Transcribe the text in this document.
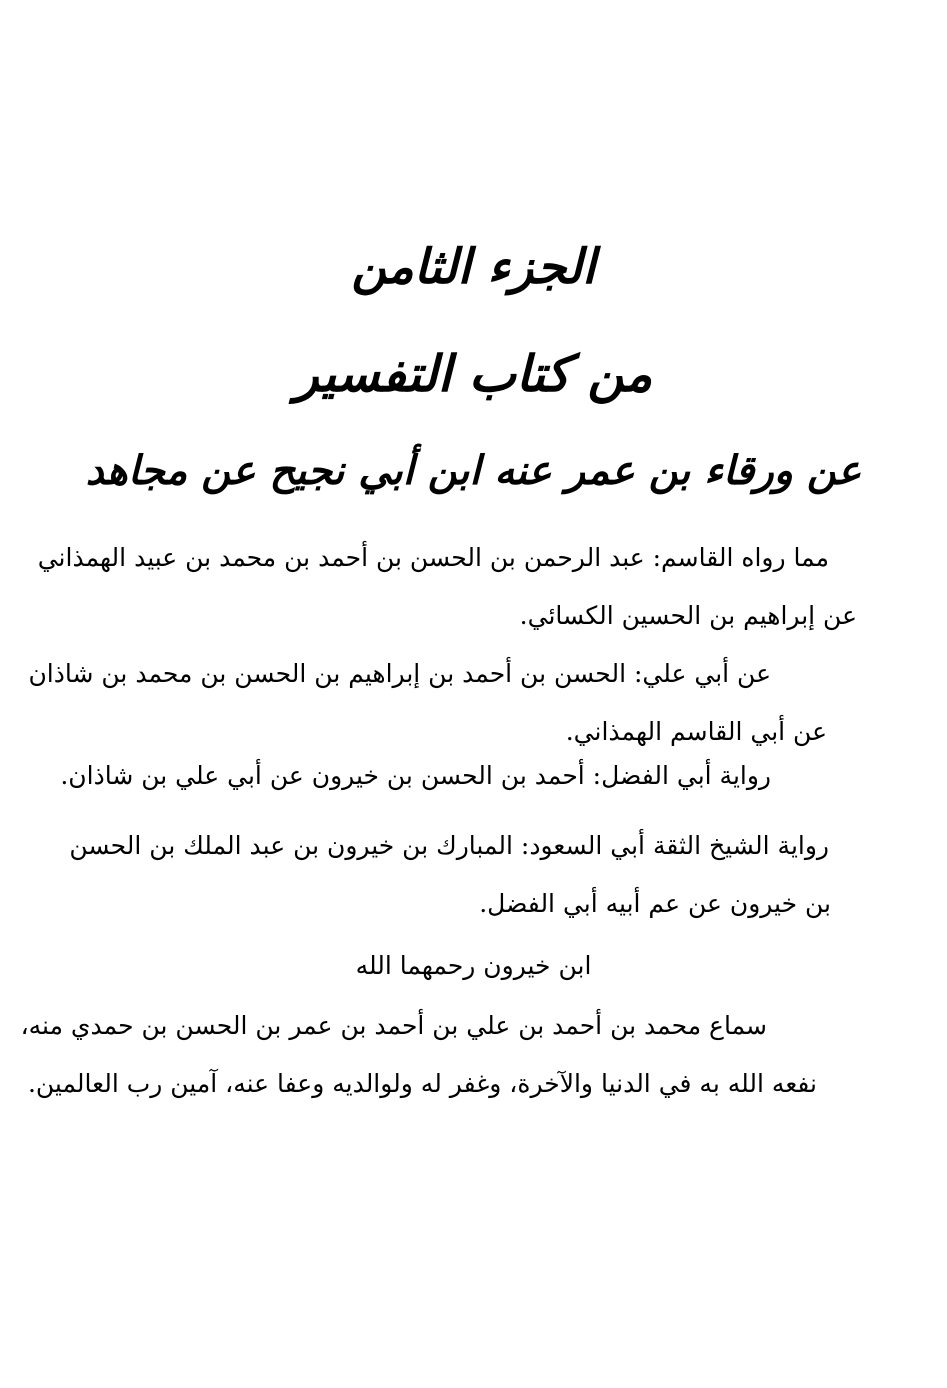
الجزء الثامن
من كتاب التفسير
عن ورقاء بن عمر عنه ابن أبي نجيح عن مجاهد
مما رواه القاسم: عبد الرحمن بن الحسن بن أحمد بن محمد بن عبيد الهمذاني
عن إبراهيم بن الحسين الكسائي.
عن أبي علي: الحسن بن أحمد بن إبراهيم بن الحسن بن محمد بن شاذان
عن أبي القاسم الهمذاني.
رواية أبي الفضل: أحمد بن الحسن بن خيرون عن أبي علي بن شاذان.
رواية الشيخ الثقة أبي السعود: المبارك بن خيرون بن عبد الملك بن الحسن
بن خيرون عن عم أبيه أبي الفضل.
ابن خيرون رحمهما الله
سماع محمد بن أحمد بن علي بن أحمد بن عمر بن الحسن بن حمدي منه،
نفعه الله به في الدنيا والآخرة، وغفر له ولوالديه وعفا عنه، آمين رب العالمين.
